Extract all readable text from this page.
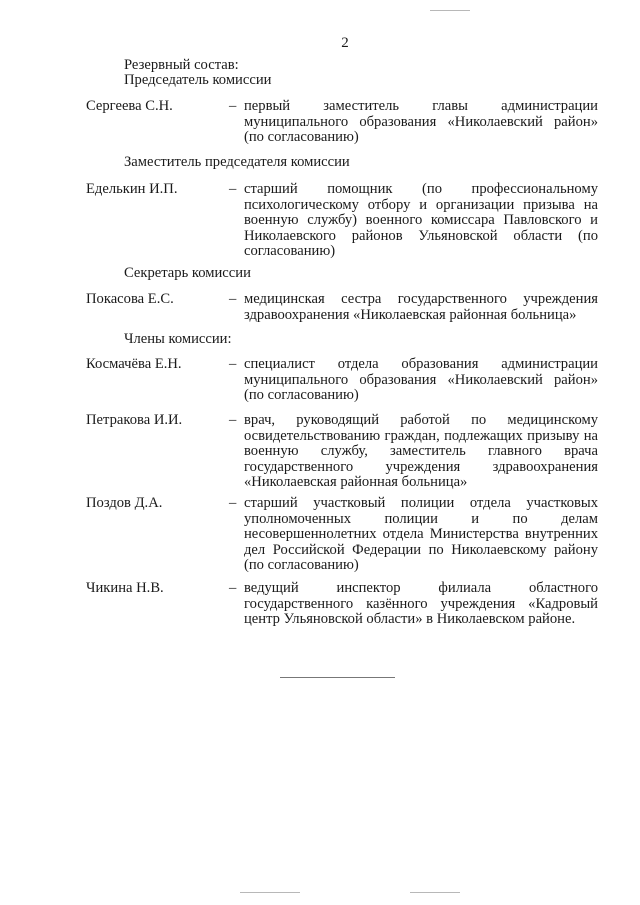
2
Резервный состав:
Председатель комиссии
Сергеева С.Н.	– первый заместитель главы администрации муниципального образования «Николаевский район» (по согласованию)
Заместитель председателя комиссии
Еделькин И.П.	– старший помощник (по профессиональному психологическому отбору и организации призыва на военную службу) военного комиссара Павловского и Николаевского районов Ульяновской области (по согласованию)
Секретарь комиссии
Покасова Е.С.	– медицинская сестра государственного учреждения здравоохранения «Николаевская районная больница»
Члены комиссии:
Космачёва Е.Н.	– специалист отдела образования администрации муниципального образования «Николаевский район» (по согласованию)
Петракова И.И.	– врач, руководящий работой по медицинскому освидетельствованию граждан, подлежащих призыву на военную службу, заместитель главного врача государственного учреждения здравоохранения «Николаевская районная больница»
Поздов Д.А.	– старший участковый полиции отдела участковых уполномоченных полиции и по делам несовершеннолетних отдела Министерства внутренних дел Российской Федерации по Николаевскому району (по согласованию)
Чикина Н.В.	– ведущий инспектор филиала областного государственного казённого учреждения «Кадровый центр Ульяновской области» в Николаевском районе.
